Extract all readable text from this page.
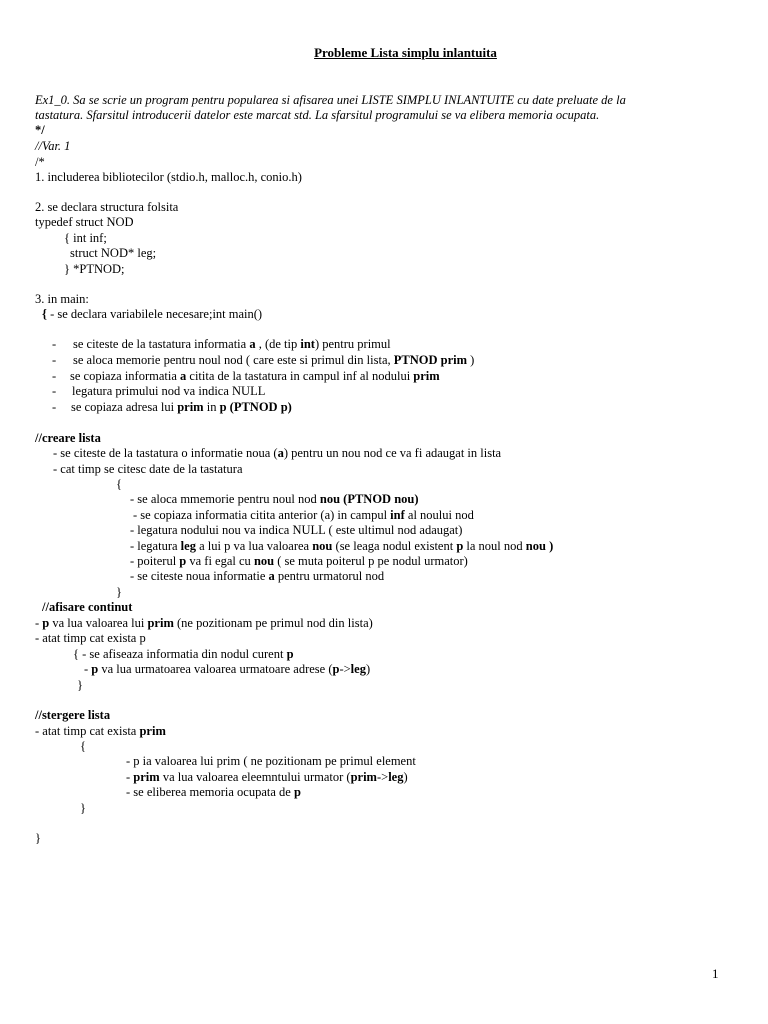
Probleme Lista simplu inlantuita
Ex1_0. Sa se scrie un program pentru popularea si afisarea unei LISTE SIMPLU INLANTUITE cu date preluate de la
tastatura. Sfarsitul introducerii datelor este marcat std. La sfarsitul programului se va elibera memoria ocupata.
*/
//Var. 1
/*
1. includerea bibliotecilor (stdio.h, malloc.h, conio.h)
2. se declara structura folsita
typedef struct NOD
{ int inf;
struct NOD* leg;
} *PTNOD;
3. in main:
{ - se declara variabilele necesare;int main()
se citeste de la tastatura informatia a , (de tip int) pentru primul
se aloca memorie pentru noul nod ( care este si primul din lista, PTNOD prim )
se copiaza informatia a citita de la tastatura in campul inf al nodului prim
legatura primului nod va indica NULL
se copiaza adresa lui prim in p (PTNOD p)
//creare lista
- se citeste de la tastatura o informatie noua (a) pentru un nou nod ce va fi adaugat in lista
- cat timp se citesc date de la tastatura
{
- se aloca mmemorie pentru noul nod nou (PTNOD nou)
- se copiaza informatia citita anterior (a) in campul inf al noului nod
- legatura nodului nou va indica NULL ( este ultimul nod adaugat)
- legatura leg a lui p va lua valoarea nou (se leaga nodul existent p la noul nod nou )
- poiterul p va fi egal cu nou ( se muta poiterul p pe nodul urmator)
- se citeste noua informatie a pentru urmatorul nod
}
//afisare continut
- p va lua valoarea lui prim (ne pozitionam pe primul nod din lista)
- atat timp cat exista p
{ - se afiseaza informatia din nodul curent p
- p va lua urmatoarea valoarea urmatoare adrese (p->leg)
}
//stergere lista
- atat timp cat exista prim
{
- p ia valoarea lui prim ( ne pozitionam pe primul element
- prim va lua valoarea eleemntului urmator (prim->leg)
- se eliberea memoria ocupata de p
}
}
-
-
-
-
-
1
